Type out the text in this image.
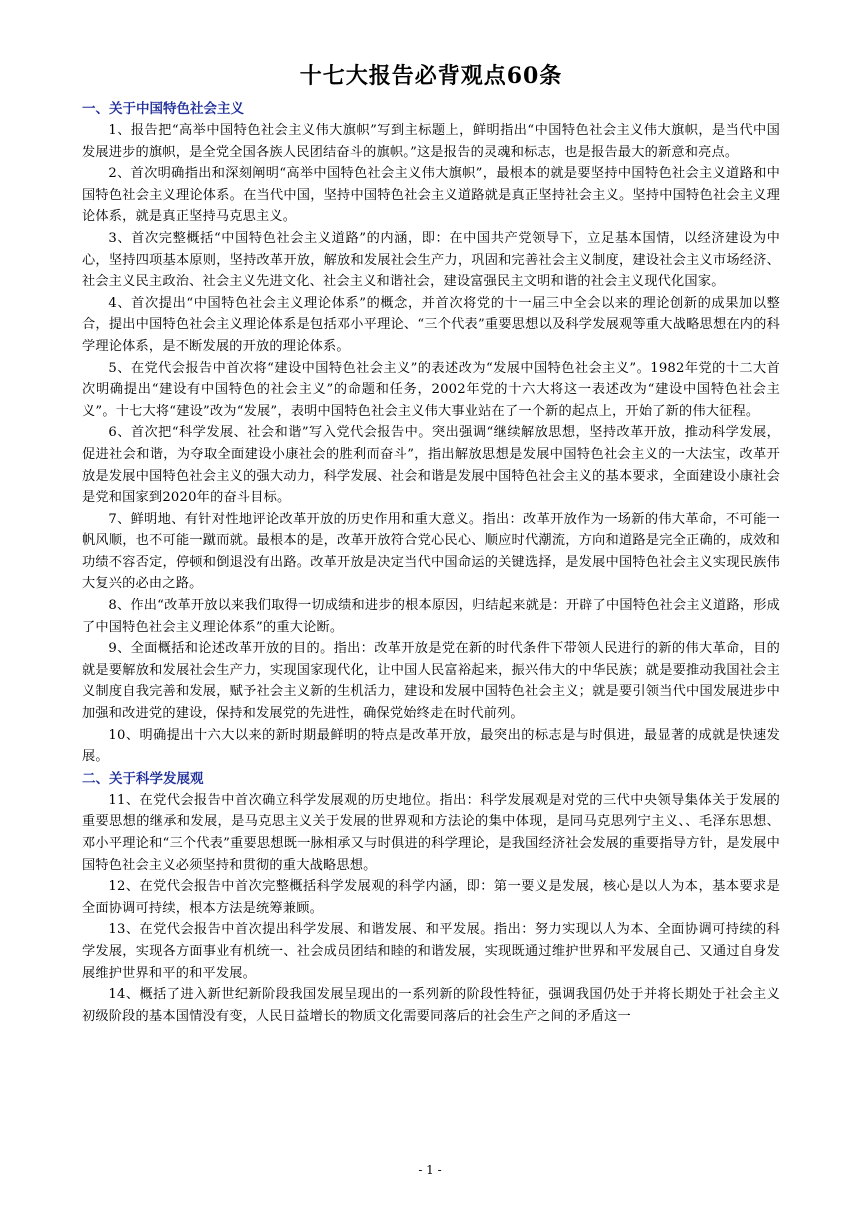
十七大报告必背观点60条
一、关于中国特色社会主义

1、报告把“高举中国特色社会主义伟大旗帜”写到主标题上，鲜明指出“中国特色社会主义伟大旗帜，是当代中国发展进步的旗帜，是全党全国各族人民团结奋斗的旗帜。”这是报告的灵魂和标志，也是报告最大的新意和亮点。

2、首次明确指出和深刻阐明“高举中国特色社会主义伟大旗帜”，最根本的就是要坚持中国特色社会主义道路和中国特色社会主义理论体系。在当代中国，坚持中国特色社会主义道路就是真正坚持社会主义。坚持中国特色社会主义理论体系，就是真正坚持马克思主义。

3、首次完整概括“中国特色社会主义道路”的内涵，即：在中国共产党领导下，立足基本国情，以经济建设为中心，坚持四项基本原则，坚持改革开放，解放和发展社会生产力，巩固和完善社会主义制度，建设社会主义市场经济、社会主义民主政治、社会主义先进文化、社会主义和谐社会，建设富强民主文明和谐的社会主义现代化国家。

4、首次提出“中国特色社会主义理论体系”的概念，并首次将党的十一届三中全会以来的理论创新的成果加以整合，提出中国特色社会主义理论体系是包括邓小平理论、“三个代表”重要思想以及科学发展观等重大战略思想在内的科学理论体系，是不断发展的开放的理论体系。

5、在党代会报告中首次将“建设中国特色社会主义”的表述改为“发展中国特色社会主义”。1982年党的十二大首次明确提出“建设有中国特色的社会主义”的命题和任务，2002年党的十六大将这一表述改为“建设中国特色社会主义”。十七大将“建设”改为“发展”，表明中国特色社会主义伟大事业站在了一个新的起点上，开始了新的伟大征程。

6、首次把“科学发展、社会和谐”写入党代会报告中。突出强调“继续解放思想，坚持改革开放，推动科学发展，促进社会和谐，为夺取全面建设小康社会的胜利而奋斗”，指出解放思想是发展中国特色社会主义的一大法宝，改革开放是发展中国特色社会主义的强大动力，科学发展、社会和谐是发展中国特色社会主义的基本要求，全面建设小康社会是党和国家到2020年的奋斗目标。

7、鲜明地、有针对性地评论改革开放的历史作用和重大意义。指出：改革开放作为一场新的伟大革命，不可能一帆风顺，也不可能一蹴而就。最根本的是，改革开放符合党心民心、顺应时代潮流，方向和道路是完全正确的，成效和功绩不容否定，停顿和倒退没有出路。改革开放是决定当代中国命运的关键选择，是发展中国特色社会主义实现民族伟大复兴的必由之路。

8、作出“改革开放以来我们取得一切成绩和进步的根本原因，归结起来就是：开辟了中国特色社会主义道路，形成了中国特色社会主义理论体系”的重大论断。

9、全面概括和论述改革开放的目的。指出：改革开放是党在新的时代条件下带领人民进行的新的伟大革命，目的就是要解放和发展社会生产力，实现国家现代化，让中国人民富裕起来，振兴伟大的中华民族；就是要推动我国社会主义制度自我完善和发展，赋予社会主义新的生机活力，建设和发展中国特色社会主义；就是要引领当代中国发展进步中加强和改进党的建设，保持和发展党的先进性，确保党始终走在时代前列。

10、明确提出十六大以来的新时期最鲜明的特点是改革开放，最突出的标志是与时俱进，最显著的成就是快速发展。

二、关于科学发展观

11、在党代会报告中首次确立科学发展观的历史地位。指出：科学发展观是对党的三代中央领导集体关于发展的重要思想的继承和发展，是马克思主义关于发展的世界观和方法论的集中体现，是同马克思列宁主义、、毛泽东思想、邓小平理论和“三个代表”重要思想既一脉相承又与时俱进的科学理论，是我国经济社会发展的重要指导方针，是发展中国特色社会主义必须坚持和贯彻的重大战略思想。

12、在党代会报告中首次完整概括科学发展观的科学内涵，即：第一要义是发展，核心是以人为本，基本要求是全面协调可持续，根本方法是统筹兼顾。

13、在党代会报告中首次提出科学发展、和谐发展、和平发展。指出：努力实现以人为本、全面协调可持续的科学发展，实现各方面事业有机统一、社会成员团结和睦的和谐发展，实现既通过维护世界和平发展自己、又通过自身发展维护世界和平的和平发展。

14、概括了进入新世纪新阶段我国发展呈现出的一系列新的阶段性特征，强调我国仍处于并将长期处于社会主义初级阶段的基本国情没有变，人民日益增长的物质文化需要同落后的社会生产之间的矛盾这一

- 1 -
